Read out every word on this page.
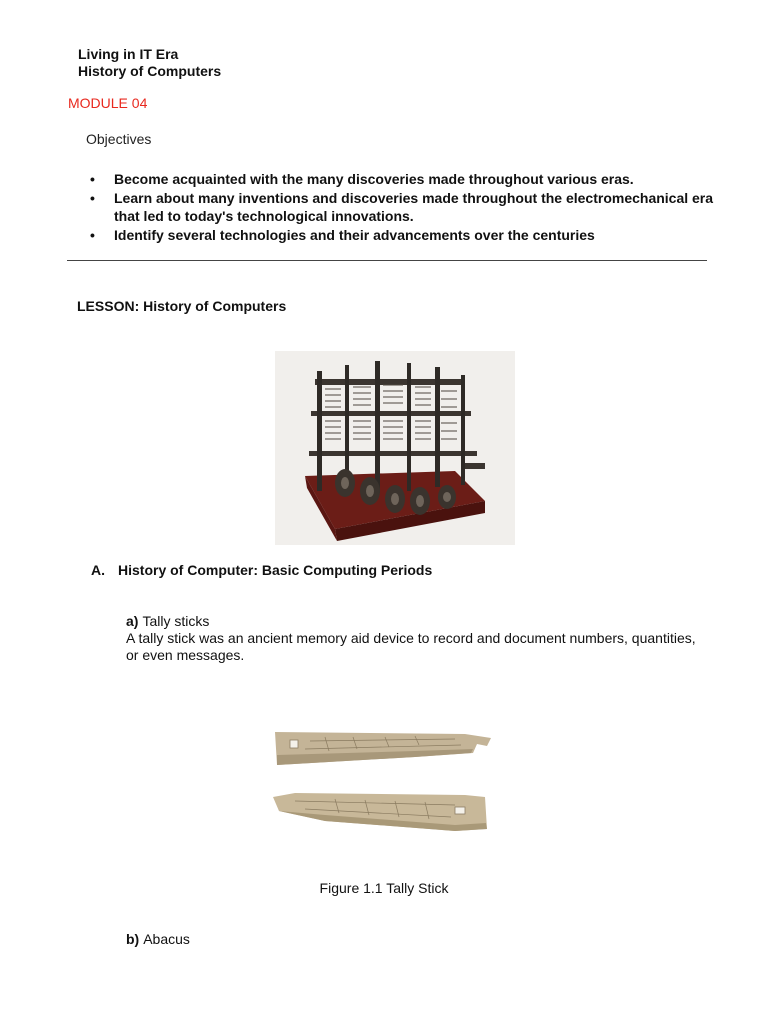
Living in IT Era
History of Computers
MODULE 04
Objectives
• Become acquainted with the many discoveries made throughout various eras.
• Learn about many inventions and discoveries made throughout the electromechanical era that led to today's technological innovations.
• Identify several technologies and their advancements over the centuries
LESSON: History of Computers
A. History of Computer: Basic Computing Periods
a) Tally sticks
A tally stick was an ancient memory aid device to record and document numbers, quantities, or even messages.
Figure 1.1 Tally Stick
b) Abacus
